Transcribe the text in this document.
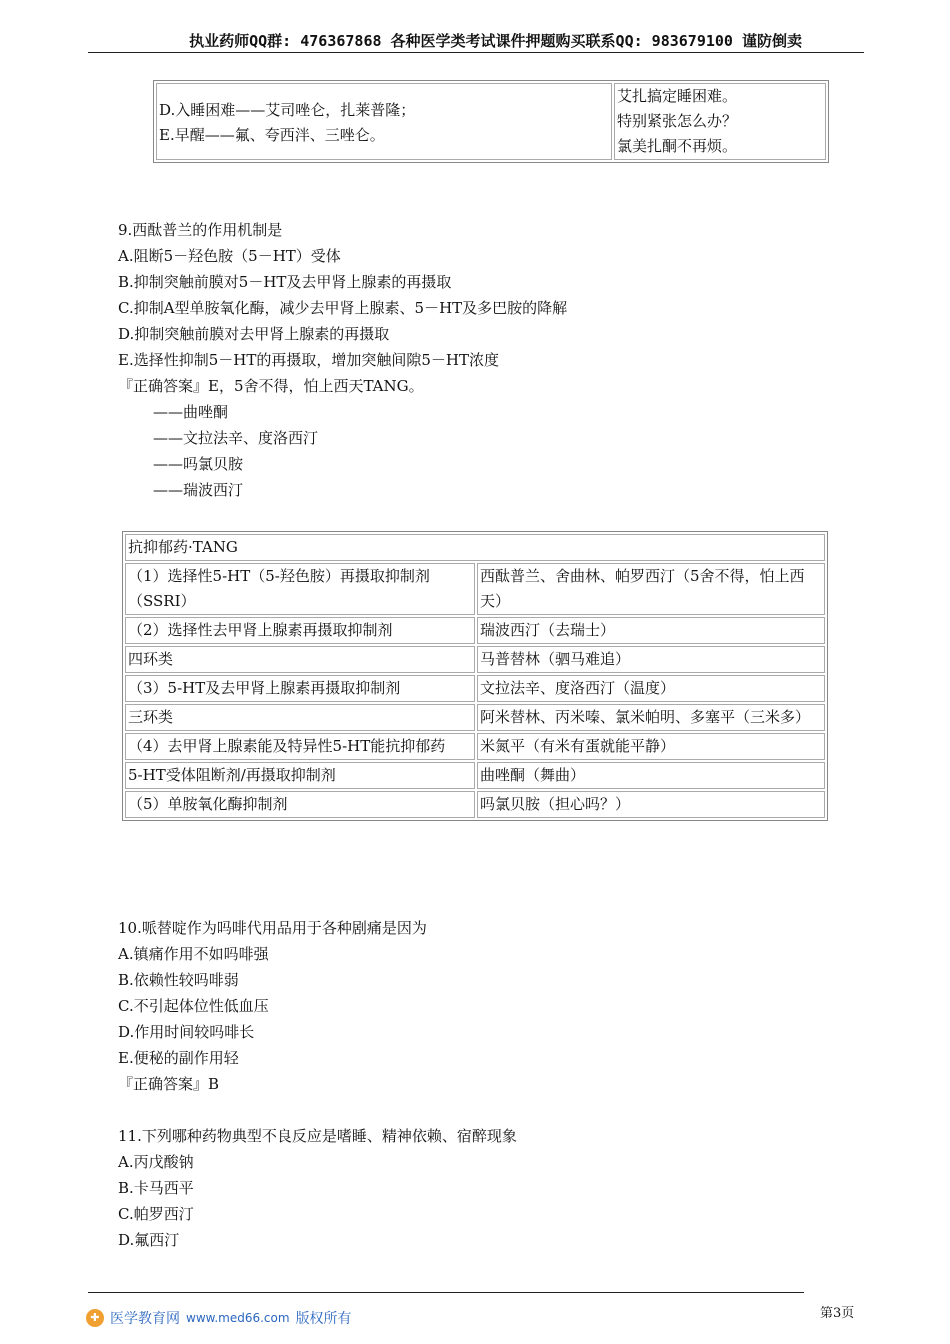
执业药师QQ群: 476367868 各种医学类考试课件押题购买联系QQ: 983679100 谨防倒卖
D.入睡困难——艾司唑仑，扎莱普隆；
E.早醒——氟、夸西泮、三唑仑。

艾扎搞定睡困难。
特别紧张怎么办？
氯美扎酮不再烦。
9.西酞普兰的作用机制是
A.阻断5－羟色胺（5－HT）受体
B.抑制突触前膜对5－HT及去甲肾上腺素的再摄取
C.抑制A型单胺氧化酶，减少去甲肾上腺素、5－HT及多巴胺的降解
D.抑制突触前膜对去甲肾上腺素的再摄取
E.选择性抑制5－HT的再摄取，增加突触间隙5－HT浓度
『正确答案』E，5舍不得，怕上西天TANG。
——曲唑酮
——文拉法辛、度洛西汀
——吗氯贝胺
——瑞波西汀
抗抑郁药·TANG	
（1）选择性5-HT（5-羟色胺）再摄取抑制剂（SSRI）	西酞普兰、舍曲林、帕罗西汀（5舍不得，怕上西天）
（2）选择性去甲肾上腺素再摄取抑制剂	瑞波西汀（去瑞士）
四环类	马普替林（驷马难追）
（3）5-HT及去甲肾上腺素再摄取抑制剂	文拉法辛、度洛西汀（温度）
三环类	阿米替林、丙米嗪、氯米帕明、多塞平（三米多）
（4）去甲肾上腺素能及特异性5-HT能抗抑郁药	米氮平（有米有蛋就能平静）
5-HT受体阻断剂/再摄取抑制剂	曲唑酮（舞曲）
（5）单胺氧化酶抑制剂	吗氯贝胺（担心吗？）
10.哌替啶作为吗啡代用品用于各种剧痛是因为
A.镇痛作用不如吗啡强
B.依赖性较吗啡弱
C.不引起体位性低血压
D.作用时间较吗啡长
E.便秘的副作用轻
『正确答案』B
11.下列哪种药物典型不良反应是嗜睡、精神依赖、宿醉现象
A.丙戊酸钠
B.卡马西平
C.帕罗西汀
D.氟西汀
✚ 医学教育网 www.med66.com 版权所有	第3页
